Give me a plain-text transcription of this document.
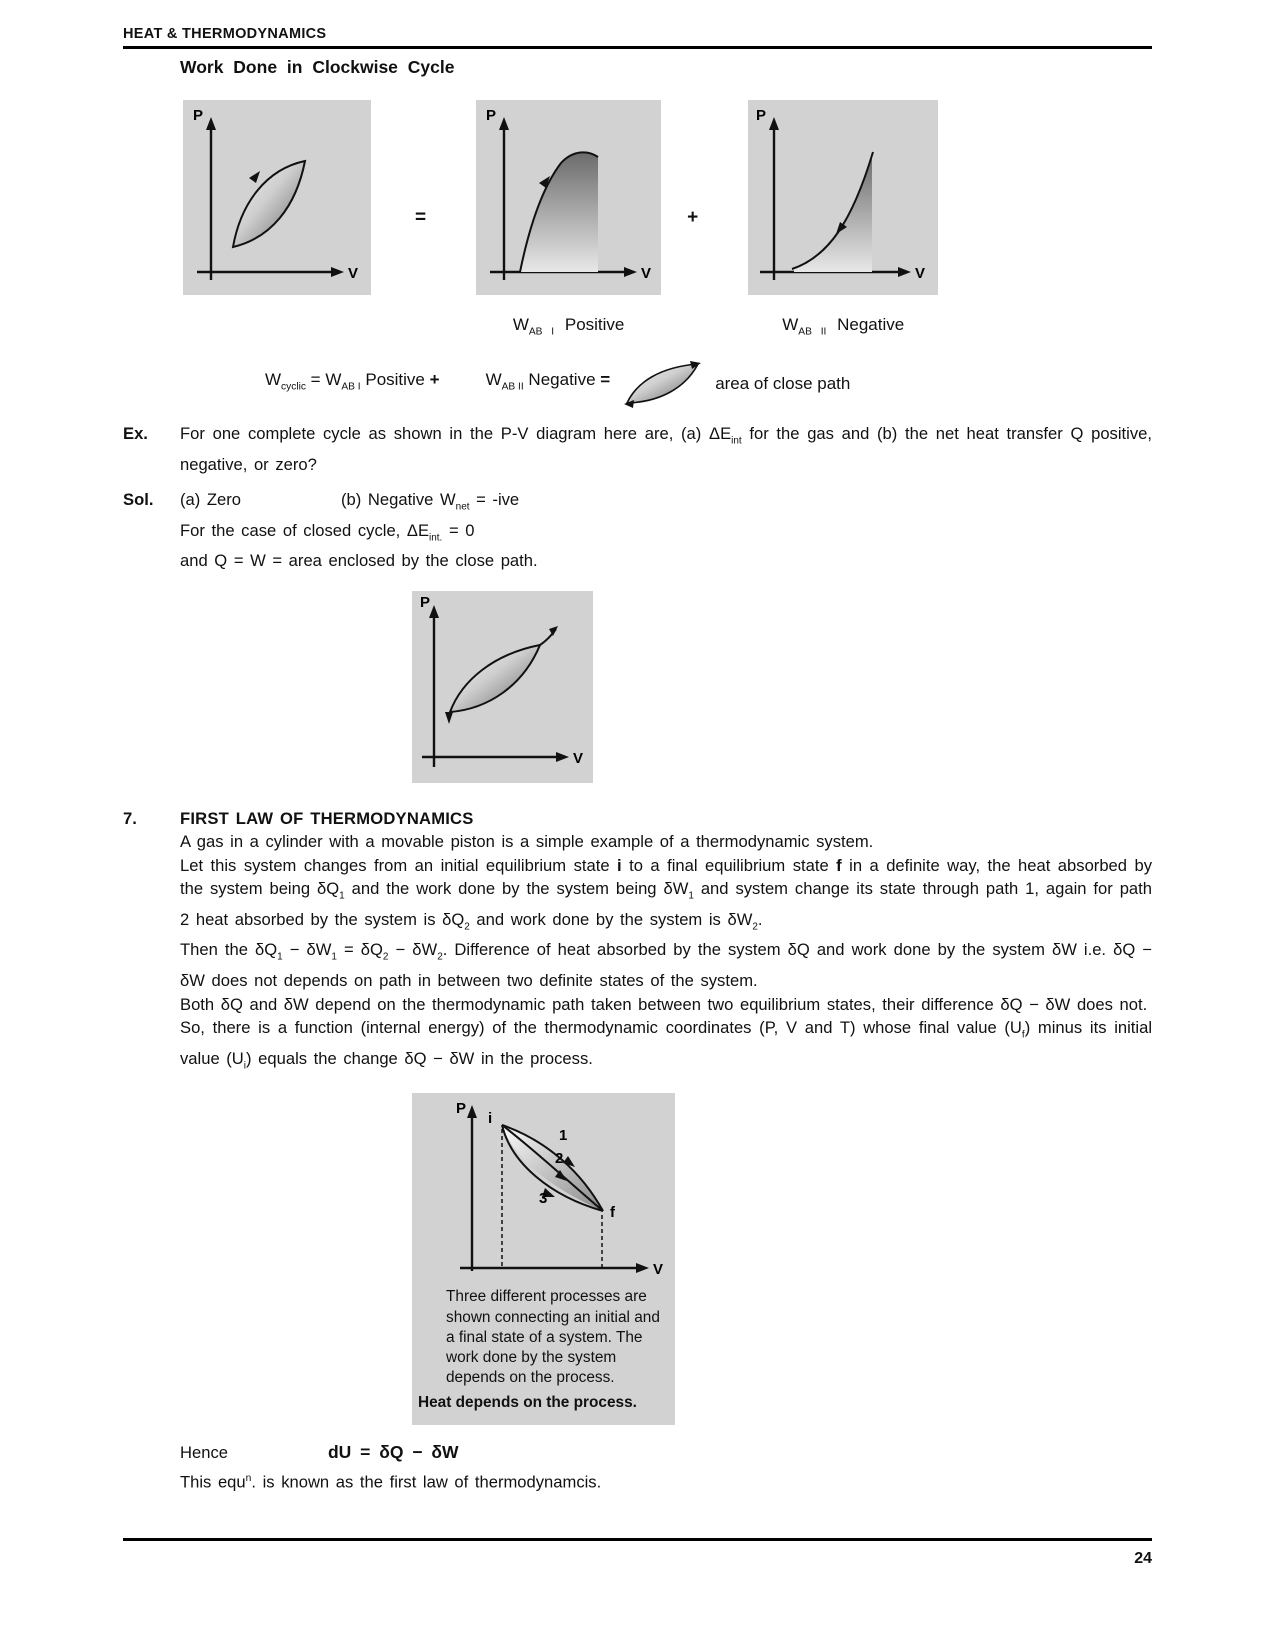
HEAT & THERMODYNAMICS
Work Done in Clockwise Cycle
P
V
=
P
V
$W_{AB I}$ Positive
+
P
V
$W_{AB II}$ Negative
$W_{cyclic} = W_{AB I}$ Positive +	$W_{AB II}$ Negative =	area of close path
Ex.	For one complete cycle as shown in the P-V diagram here are, (a) $\Delta E_{int}$ for the gas and (b) the net heat transfer Q positive, negative, or zero?
Sol.	(a) Zero	(b) Negative $W_{net} = -ive$
For the case of closed cycle, $\Delta E_{int.} = 0$
and Q = W = area enclosed by the close path.
P
V
7.	FIRST LAW OF THERMODYNAMICS
A gas in a cylinder with a movable piston is a simple example of a thermodynamic system.
Let this system changes from an initial equilibrium state i to a final equilibrium state f in a definite way, the heat absorbed by the system being $\delta Q_1$ and the work done by the system being $\delta W_1$ and system change its state through path 1, again for path 2 heat absorbed by the system is $\delta Q_2$ and work done by the system is $\delta W_2$.
Then the $\delta Q_1 - \delta W_1 = \delta Q_2 - \delta W_2$. Difference of heat absorbed by the system δQ and work done by the system δW i.e. δQ − δW does not depends on path in between two definite states of the system.
Both δQ and δW depend on the thermodynamic path taken between two equilibrium states, their difference δQ − δW does not.
So, there is a function (internal energy) of the thermodynamic coordinates (P, V and T) whose final value $(U_f)$ minus its initial value $(U_i)$ equals the change δQ − δW in the process.
P
V
i
f
1
2
3
Three different processes are shown connecting an initial and a final state of a system. The work done by the system depends on the process.
Heat depends on the process.
Hence	dU = δQ − δW
This equ$^n$. is known as the first law of thermodynamcis.
24
